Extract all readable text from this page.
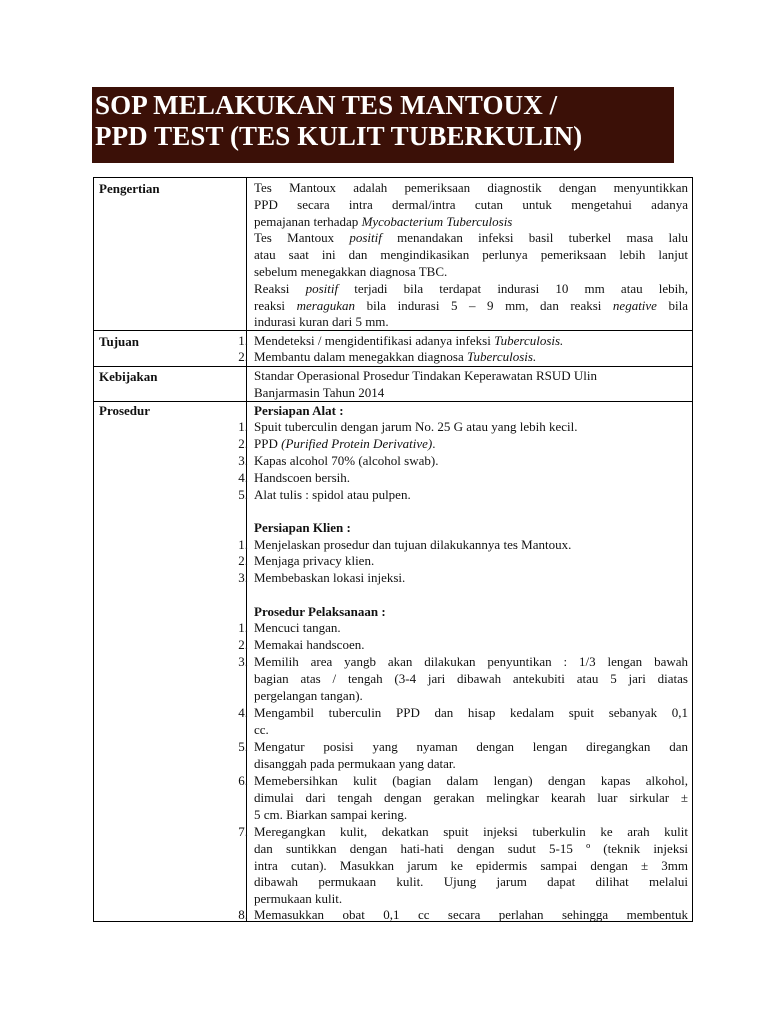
SOP MELAKUKAN TES MANTOUX /
PPD TEST (TES KULIT TUBERKULIN)
Pengertian	Tes Mantoux adalah pemeriksaan diagnostik dengan menyuntikkan
PPD secara intra dermal/intra cutan untuk mengetahui adanya
pemajanan terhadap Mycobacterium Tuberculosis
Tes Mantoux positif menandakan infeksi basil tuberkel masa lalu
atau saat ini dan mengindikasikan perlunya pemeriksaan lebih lanjut
sebelum menegakkan diagnosa TBC.
Reaksi positif terjadi bila terdapat indurasi 10 mm atau lebih,
reaksi meragukan bila indurasi 5 – 9 mm, dan reaksi negative bila
indurasi kuran dari 5 mm.
Tujuan	1. Mendeteksi / mengidentifikasi adanya infeksi Tuberculosis.
2. Membantu dalam menegakkan diagnosa Tuberculosis.
Kebijakan	Standar Operasional Prosedur Tindakan Keperawatan RSUD Ulin
Banjarmasin Tahun 2014
Prosedur	Persiapan Alat :
1. Spuit tuberculin dengan jarum No. 25 G atau yang lebih kecil.
2. PPD (Purified Protein Derivative).
3. Kapas alcohol 70% (alcohol swab).
4. Handscoen bersih.
5. Alat tulis : spidol atau pulpen.
Persiapan Klien :
1. Menjelaskan prosedur dan tujuan dilakukannya tes Mantoux.
2. Menjaga privacy klien.
3. Membebaskan lokasi injeksi.
Prosedur Pelaksanaan :
1. Mencuci tangan.
2. Memakai handscoen.
3. Memilih area yangb akan dilakukan penyuntikan : 1/3 lengan bawah
bagian atas / tengah (3-4 jari dibawah antekubiti atau 5 jari diatas
pergelangan tangan).
4. Mengambil tuberculin PPD dan hisap kedalam spuit sebanyak 0,1
cc.
5. Mengatur posisi yang nyaman dengan lengan diregangkan dan
disanggah pada permukaan yang datar.
6. Memebersihkan kulit (bagian dalam lengan) dengan kapas alkohol,
dimulai dari tengah dengan gerakan melingkar kearah luar sirkular ±
5 cm. Biarkan sampai kering.
7. Meregangkan kulit, dekatkan spuit injeksi tuberkulin ke arah kulit
dan suntikkan dengan hati-hati dengan sudut 5-15 º (teknik injeksi
intra cutan). Masukkan jarum ke epidermis sampai dengan ± 3mm
dibawah permukaan kulit. Ujung jarum dapat dilihat melalui
permukaan kulit.
8. Memasukkan obat 0,1 cc secara perlahan sehingga membentuk
